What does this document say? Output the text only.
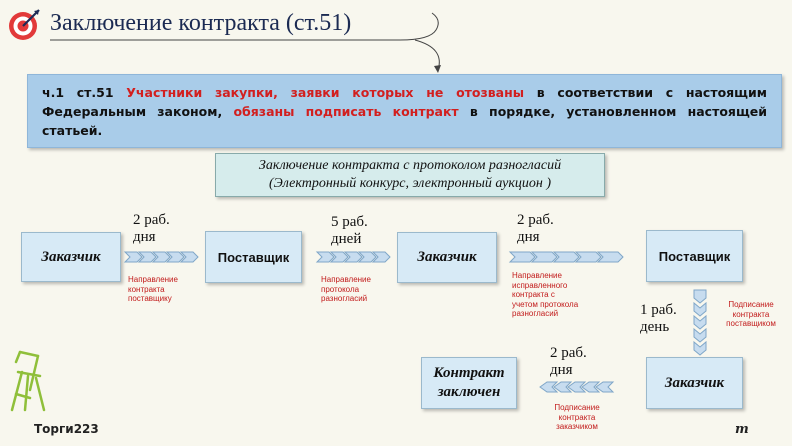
Заключение контракта (ст.51)
ч.1 ст.51 Участники закупки, заявки которых не отозваны в соответствии с настоящим Федеральным законом, обязаны подписать контракт в порядке, установленном настоящей статьей.
Заключение контракта с протоколом разногласий
(Электронный конкурс, электронный аукцион )
Заказчик	Поставщик	Заказчик	Поставщик
Заказчик
Контракт
заключен
2 раб.
дня
5 раб.
дней
2 раб.
дня
1 раб.
день
2 раб.
дня
Направление
контракта
поставщику
Направление
протокола
разногласий
Направление
исправленного
контракта с
учетом протокола
разногласий
Подписание
контракта
поставщиком
Подписание
контракта
заказчиком
Торги223	т
